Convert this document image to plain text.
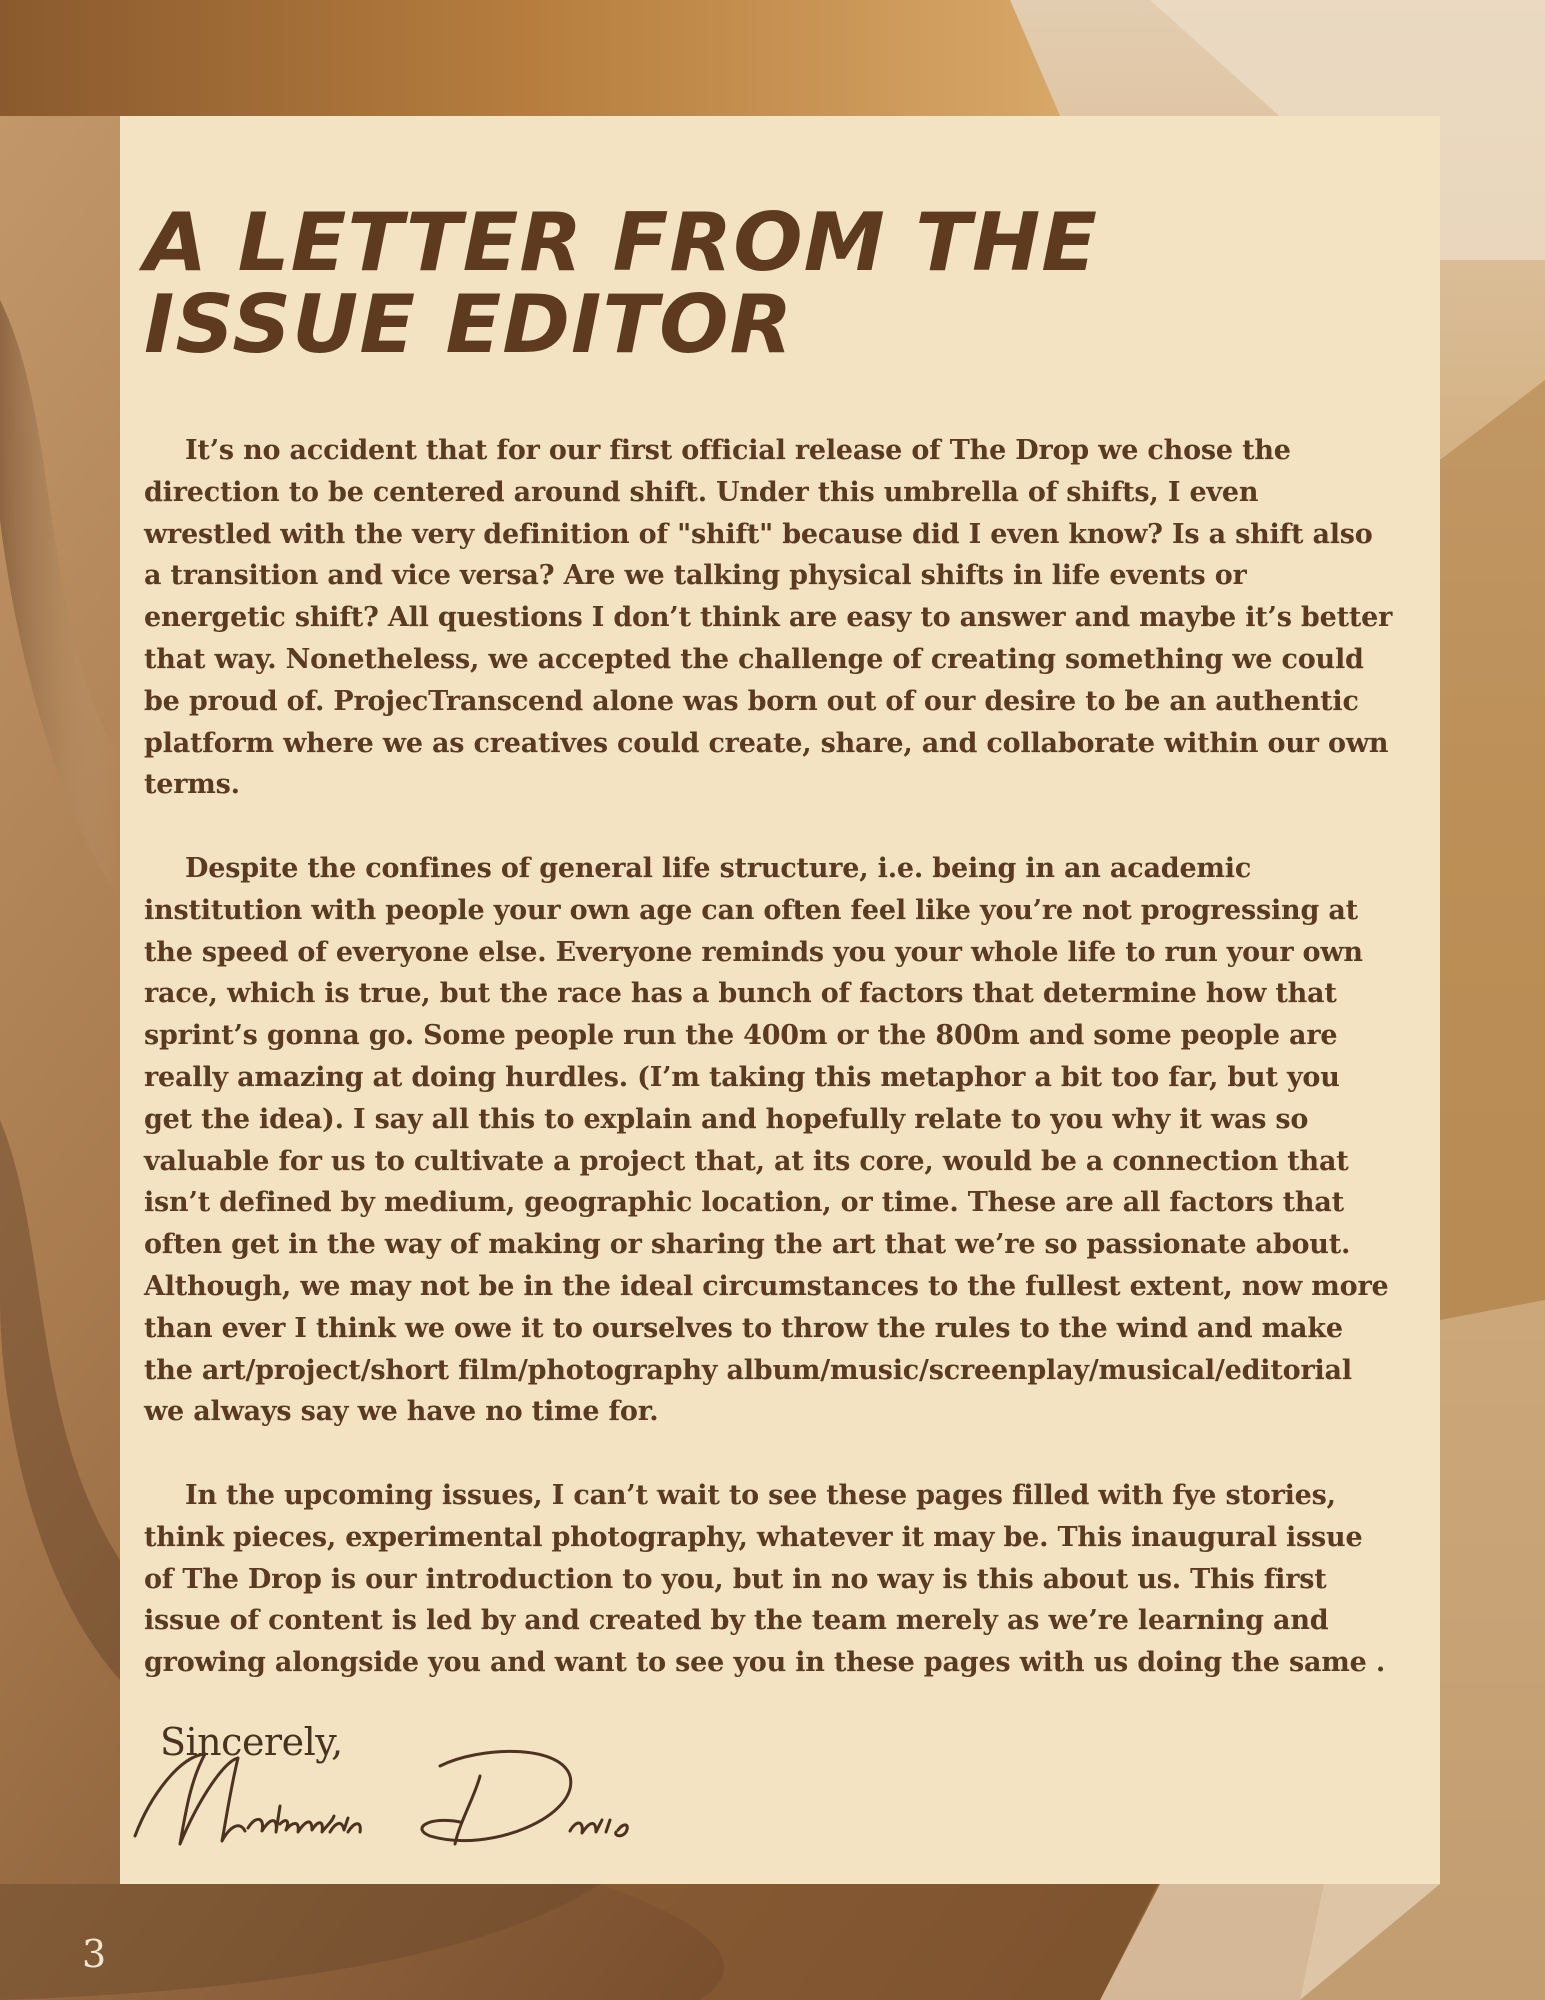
A LETTER FROM THE
ISSUE EDITOR

It’s no accident that for our first official release of The Drop we chose the direction to be centered around shift. Under this umbrella of shifts, I even wrestled with the very definition of "shift" because did I even know? Is a shift also a transition and vice versa? Are we talking physical shifts in life events or energetic shift? All questions I don’t think are easy to answer and maybe it’s better that way. Nonetheless, we accepted the challenge of creating something we could be proud of. ProjecTranscend alone was born out of our desire to be an authentic platform where we as creatives could create, share, and collaborate within our own terms.

Despite the confines of general life structure, i.e. being in an academic institution with people your own age can often feel like you’re not progressing at the speed of everyone else. Everyone reminds you your whole life to run your own race, which is true, but the race has a bunch of factors that determine how that sprint’s gonna go. Some people run the 400m or the 800m and some people are really amazing at doing hurdles. (I’m taking this metaphor a bit too far, but you get the idea). I say all this to explain and hopefully relate to you why it was so valuable for us to cultivate a project that, at its core, would be a connection that isn’t defined by medium, geographic location, or time. These are all factors that often get in the way of making or sharing the art that we’re so passionate about. Although, we may not be in the ideal circumstances to the fullest extent, now more than ever I think we owe it to ourselves to throw the rules to the wind and make the art/project/short film/photography album/music/screenplay/musical/editorial we always say we have no time for.

In the upcoming issues, I can’t wait to see these pages filled with fye stories, think pieces, experimental photography, whatever it may be. This inaugural issue of The Drop is our introduction to you, but in no way is this about us. This first issue of content is led by and created by the team merely as we’re learning and growing alongside you and want to see you in these pages with us doing the same .

Sincerely,
3
